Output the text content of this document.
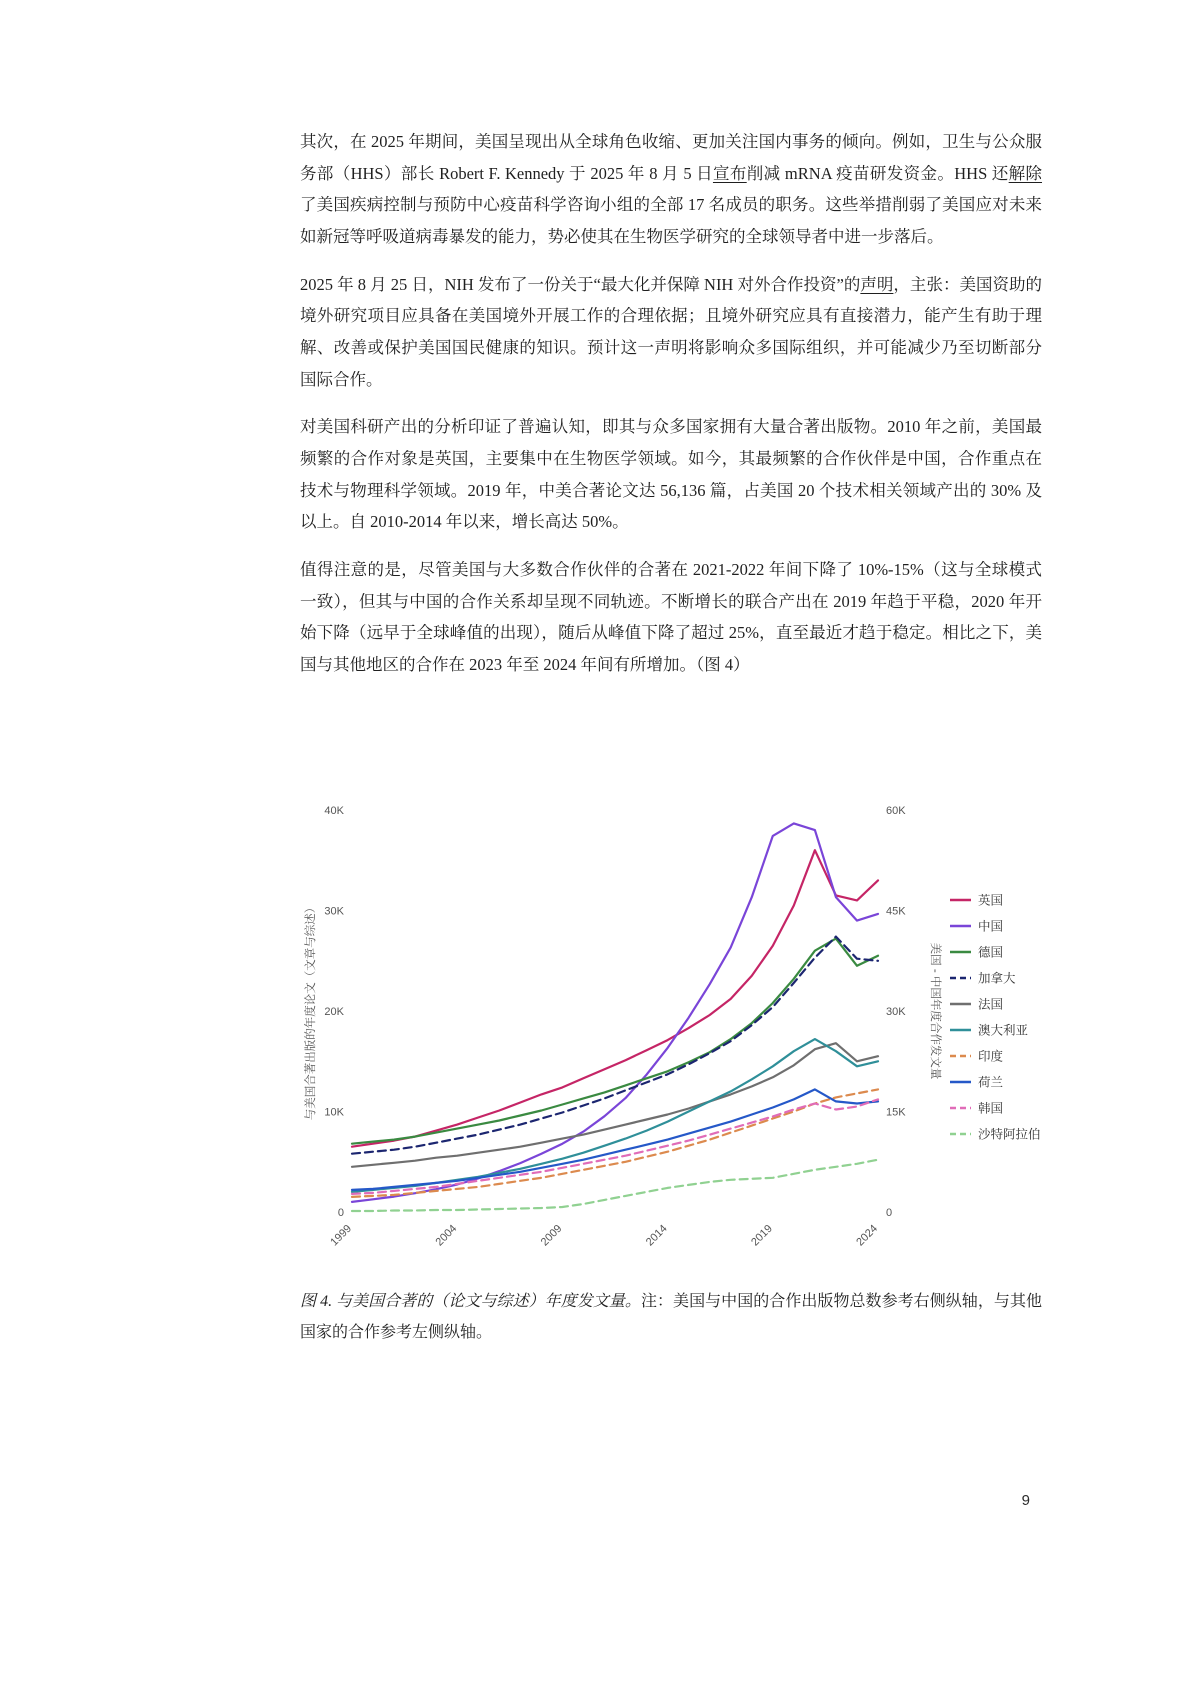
其次，在 2025 年期间，美国呈现出从全球角色收缩、更加关注国内事务的倾向。例如，卫生与公众服务部（HHS）部长 Robert F. Kennedy 于 2025 年 8 月 5 日宣布削减 mRNA 疫苗研发资金。HHS 还解除了美国疾病控制与预防中心疫苗科学咨询小组的全部 17 名成员的职务。这些举措削弱了美国应对未来如新冠等呼吸道病毒暴发的能力，势必使其在生物医学研究的全球领导者中进一步落后。

2025 年 8 月 25 日，NIH 发布了一份关于“最大化并保障 NIH 对外合作投资”的声明，主张：美国资助的境外研究项目应具备在美国境外开展工作的合理依据；且境外研究应具有直接潜力，能产生有助于理解、改善或保护美国国民健康的知识。预计这一声明将影响众多国际组织，并可能减少乃至切断部分国际合作。

对美国科研产出的分析印证了普遍认知，即其与众多国家拥有大量合著出版物。2010 年之前，美国最频繁的合作对象是英国，主要集中在生物医学领域。如今，其最频繁的合作伙伴是中国，合作重点在技术与物理科学领域。2019 年，中美合著论文达 56,136 篇，占美国 20 个技术相关领域产出的 30% 及以上。自 2010-2014 年以来，增长高达 50%。

值得注意的是，尽管美国与大多数合作伙伴的合著在 2021-2022 年间下降了 10%-15%（这与全球模式一致），但其与中国的合作关系却呈现不同轨迹。不断增长的联合产出在 2019 年趋于平稳，2020 年开始下降（远早于全球峰值的出现），随后从峰值下降了超过 25%，直至最近才趋于稳定。相比之下，美国与其他地区的合作在 2023 年至 2024 年间有所增加。（图 4）

0
10K
20K
30K
40K
0
15K
30K
45K
60K
1999	2004	2009	2014	2019	2024
与美国合著出版的年度论文（文章与综述）	美国 - 中国年度合作发文量
英国
中国
德国
加拿大
法国
澳大利亚
印度
荷兰
韩国
沙特阿拉伯

图 4. 与美国合著的（论文与综述）年度发文量。注：美国与中国的合作出版物总数参考右侧纵轴，与其他国家的合作参考左侧纵轴。

9
